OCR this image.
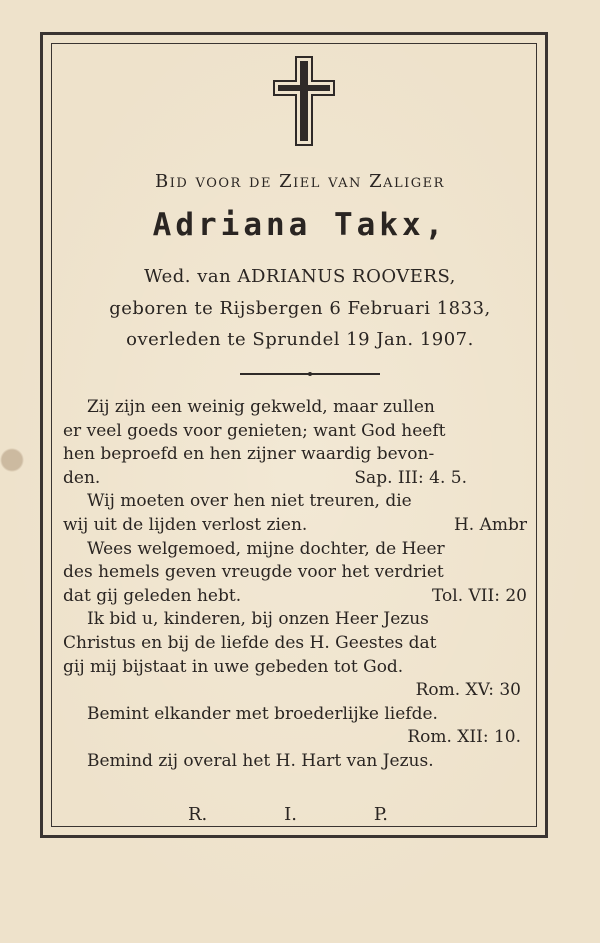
Bid voor de Ziel van Zaliger
Adriana Takx,
Wed. van ADRIANUS ROOVERS,
geboren te Rijsbergen 6 Februari 1833,
overleden te Sprundel 19 Jan. 1907.
Zij zijn een weinig gekweld, maar zullen
er veel goeds voor genieten; want God heeft
hen beproefd en hen zijner waardig bevon-
den.	Sap. III: 4. 5.
Wij moeten over hen niet treuren, die
wij uit de lijden verlost zien.	H. Ambr
Wees welgemoed, mijne dochter, de Heer
des hemels geven vreugde voor het verdriet
dat gij geleden hebt.	Tol. VII: 20
Ik bid u, kinderen, bij onzen Heer Jezus
Christus en bij de liefde des H. Geestes dat
gij mij bijstaat in uwe gebeden tot God.
Rom. XV: 30
Bemint elkander met broederlijke liefde.
Rom. XII: 10.
Bemind zij overal het H. Hart van Jezus.
R.	I.	P.
